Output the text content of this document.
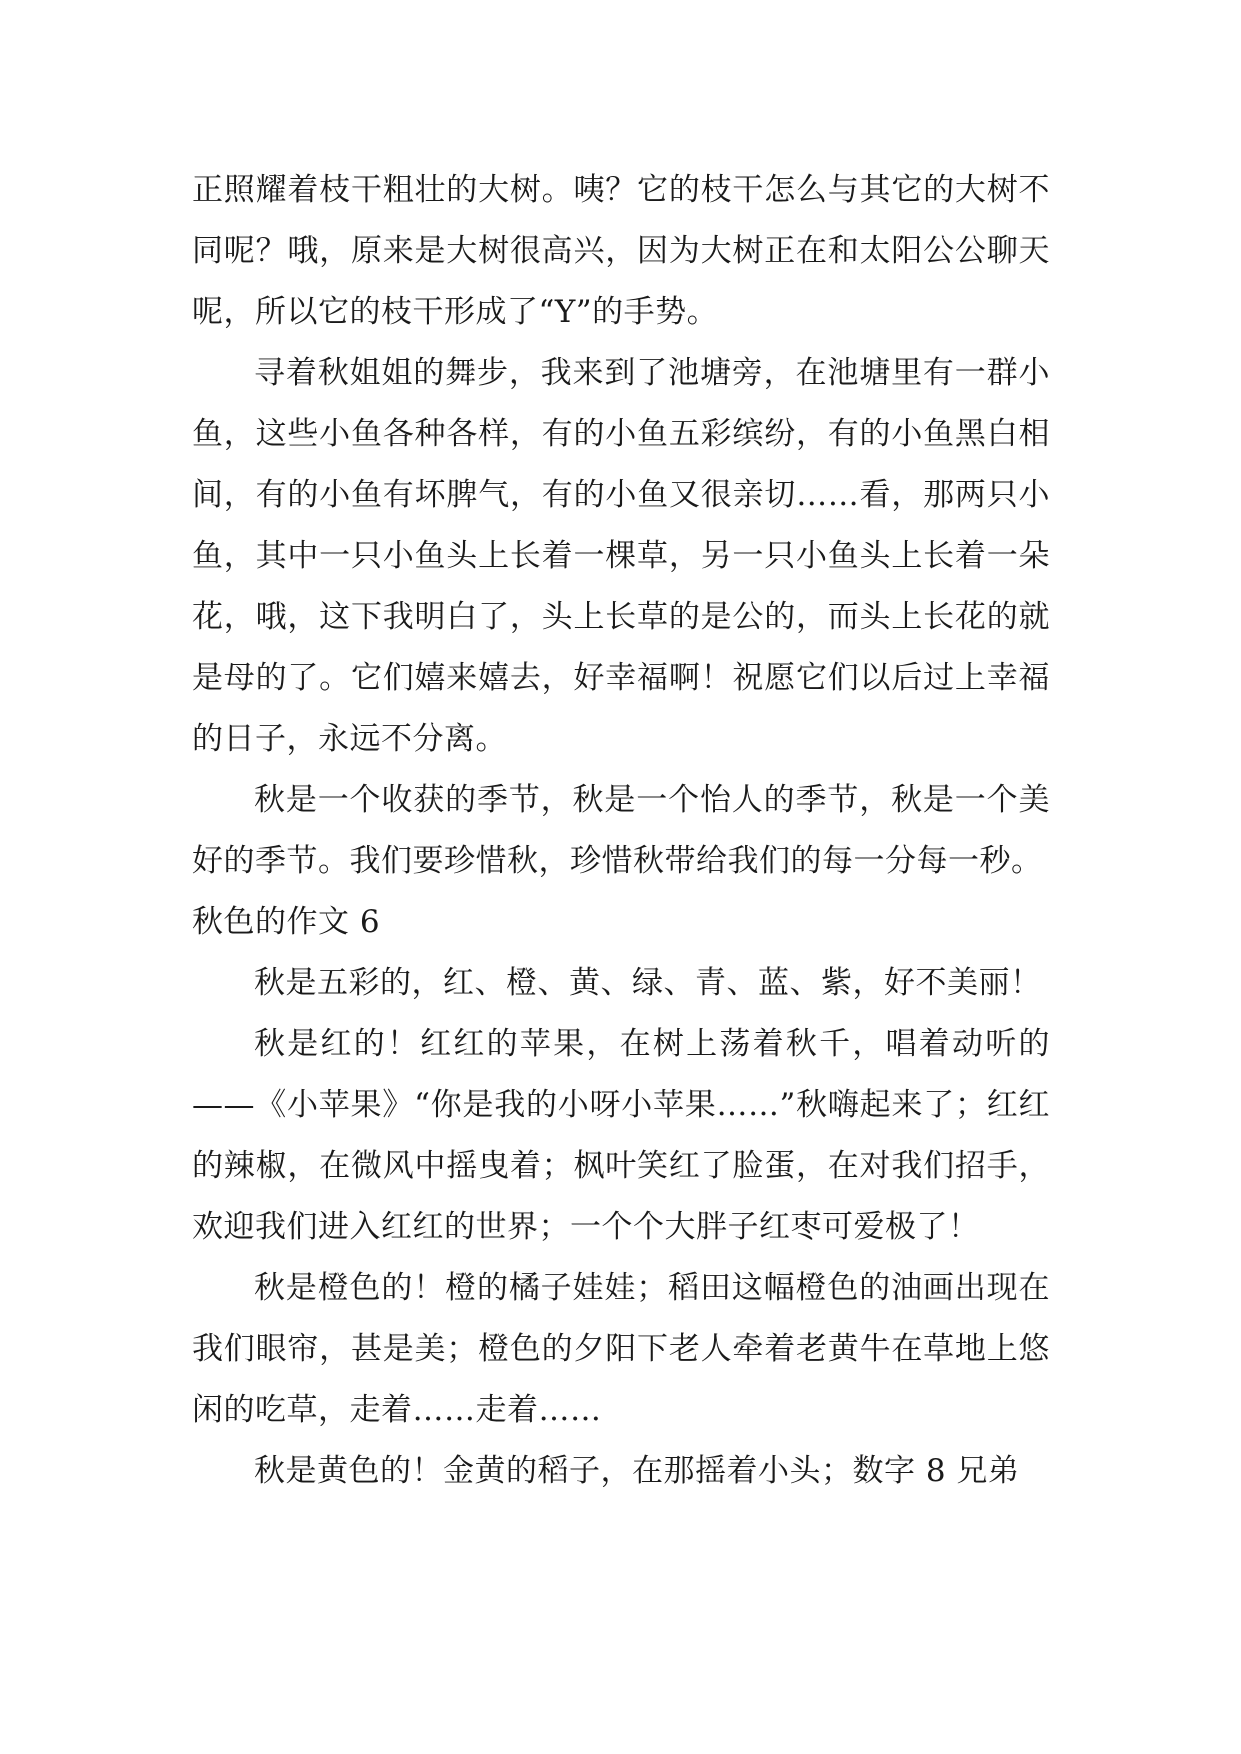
正照耀着枝干粗壮的大树。咦？它的枝干怎么与其它的大树不同呢？哦，原来是大树很高兴，因为大树正在和太阳公公聊天呢，所以它的枝干形成了“Y”的手势。

寻着秋姐姐的舞步，我来到了池塘旁，在池塘里有一群小鱼，这些小鱼各种各样，有的小鱼五彩缤纷，有的小鱼黑白相间，有的小鱼有坏脾气，有的小鱼又很亲切……看，那两只小鱼，其中一只小鱼头上长着一棵草，另一只小鱼头上长着一朵花，哦，这下我明白了，头上长草的是公的，而头上长花的就是母的了。它们嬉来嬉去，好幸福啊！祝愿它们以后过上幸福的日子，永远不分离。

秋是一个收获的季节，秋是一个怡人的季节，秋是一个美好的季节。我们要珍惜秋，珍惜秋带给我们的每一分每一秒。

秋色的作文 6

秋是五彩的，红、橙、黄、绿、青、蓝、紫，好不美丽！

秋是红的！红红的苹果，在树上荡着秋千，唱着动听的——《小苹果》“你是我的小呀小苹果……”秋嗨起来了；红红的辣椒，在微风中摇曳着；枫叶笑红了脸蛋，在对我们招手，欢迎我们进入红红的世界；一个个大胖子红枣可爱极了！

秋是橙色的！橙的橘子娃娃；稻田这幅橙色的油画出现在我们眼帘，甚是美；橙色的夕阳下老人牵着老黄牛在草地上悠闲的吃草，走着……走着……

秋是黄色的！金黄的稻子，在那摇着小头；数字 8 兄弟
